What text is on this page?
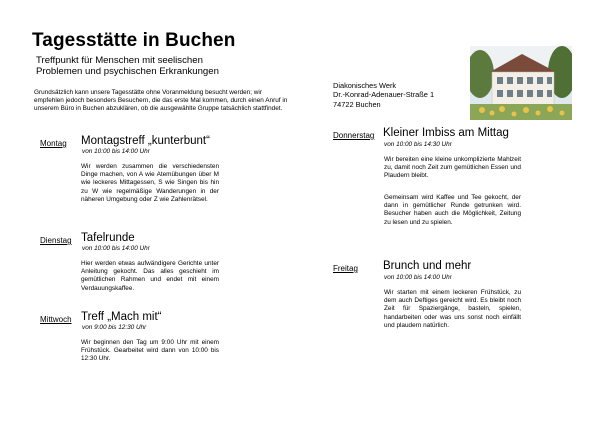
Tagesstätte in Buchen
Treffpunkt für Menschen mit seelischen
Problemen und psychischen Erkrankungen
Grundsätzlich kann unsere Tagesstätte ohne Voranmeldung besucht werden; wir empfehlen jedoch besonders Besuchern, die das erste Mal kommen, durch einen Anruf in unserem Büro in Buchen abzuklären, ob die ausgewählte Gruppe tatsächlich stattfindet.
Diakonisches Werk
Dr.-Konrad-Adenauer-Straße 1
74722 Buchen
Montag Montagstreff „kunterbunt“
von 10:00 bis 14:00 Uhr
Wir werden zusammen die verschiedensten Dinge machen, von A wie Atemübungen über M wie leckeres Mittagessen, S wie Singen bis hin zu W wie regelmäßige Wanderungen in der näheren Umgebung oder Z wie Zahlenrätsel.
Dienstag Tafelrunde
von 10:00 bis 14:00 Uhr
Hier werden etwas aufwändigere Gerichte unter Anleitung gekocht. Das alles geschieht im gemütlichen Rahmen und endet mit einem Verdauungskaffee.
Mittwoch Treff „Mach mit“
von 9:00 bis 12:30 Uhr
Wir beginnen den Tag um 9:00 Uhr mit einem Frühstück. Gearbeitet wird dann von 10:00 bis 12:30 Uhr.
Donnerstag Kleiner Imbiss am Mittag
von 10:00 bis 14:30 Uhr
Wir bereiten eine kleine unkomplizierte Mahlzeit zu, damit noch Zeit zum gemütlichen Essen und Plaudern bleibt.
Gemeinsam wird Kaffee und Tee gekocht, der dann in gemütlicher Runde getrunken wird. Besucher haben auch die Möglichkeit, Zeitung zu lesen und zu spielen.
Freitag Brunch und mehr
von 10:00 bis 14:00 Uhr
Wir starten mit einem leckeren Frühstück, zu dem auch Deftiges gereicht wird. Es bleibt noch Zeit für Spaziergänge, basteln, spielen, handarbeiten oder was uns sonst noch einfällt und plaudern natürlich.
